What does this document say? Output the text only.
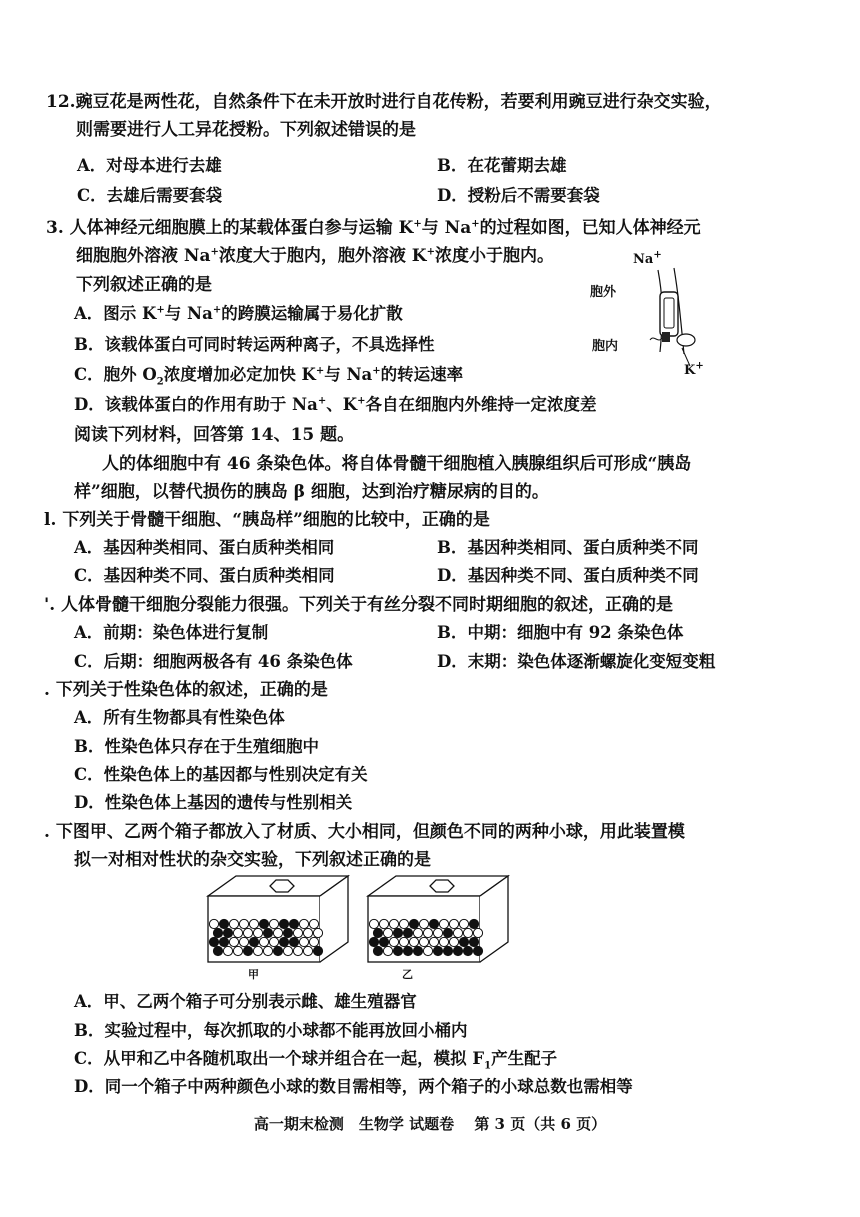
12.豌豆花是两性花，自然条件下在未开放时进行自花传粉，若要利用豌豆进行杂交实验，
则需要进行人工异花授粉。下列叙述错误的是
A．对母本进行去雄	B．在花蕾期去雄
C．去雄后需要套袋	D．授粉后不需要套袋
3. 人体神经元细胞膜上的某载体蛋白参与运输 K+与 Na+的过程如图，已知人体神经元
细胞胞外溶液 Na+浓度大于胞内，胞外溶液 K+浓度小于胞内。
下列叙述正确的是
A．图示 K+与 Na+的跨膜运输属于易化扩散
B．该载体蛋白可同时转运两种离子，不具选择性
C．胞外 $O_2$浓度增加必定加快 K+与 Na+的转运速率
D．该载体蛋白的作用有助于 Na+、K+各自在细胞内外维持一定浓度差
Na+
胞外
胞内
K+
阅读下列材料，回答第 14、15 题。
人的体细胞中有 46 条染色体。将自体骨髓干细胞植入胰腺组织后可形成“胰岛
样”细胞，以替代损伤的胰岛 β 细胞，达到治疗糖尿病的目的。
l. 下列关于骨髓干细胞、“胰岛样”细胞的比较中，正确的是
A．基因种类相同、蛋白质种类相同	B．基因种类相同、蛋白质种类不同
C．基因种类不同、蛋白质种类相同	D．基因种类不同、蛋白质种类不同
'. 人体骨髓干细胞分裂能力很强。下列关于有丝分裂不同时期细胞的叙述，正确的是
A．前期：染色体进行复制	B．中期：细胞中有 92 条染色体
C．后期：细胞两极各有 46 条染色体	D．末期：染色体逐渐螺旋化变短变粗
. 下列关于性染色体的叙述，正确的是
A．所有生物都具有性染色体
B．性染色体只存在于生殖细胞中
C．性染色体上的基因都与性别决定有关
D．性染色体上基因的遗传与性别相关
. 下图甲、乙两个箱子都放入了材质、大小相同，但颜色不同的两种小球，用此装置模
拟一对相对性状的杂交实验，下列叙述正确的是
甲	乙
A．甲、乙两个箱子可分别表示雌、雄生殖器官
B．实验过程中，每次抓取的小球都不能再放回小桶内
C．从甲和乙中各随机取出一个球并组合在一起，模拟 $F_1$产生配子
D．同一个箱子中两种颜色小球的数目需相等，两个箱子的小球总数也需相等
高一期末检测　生物学 试题卷　 第 3 页（共 6 页）
